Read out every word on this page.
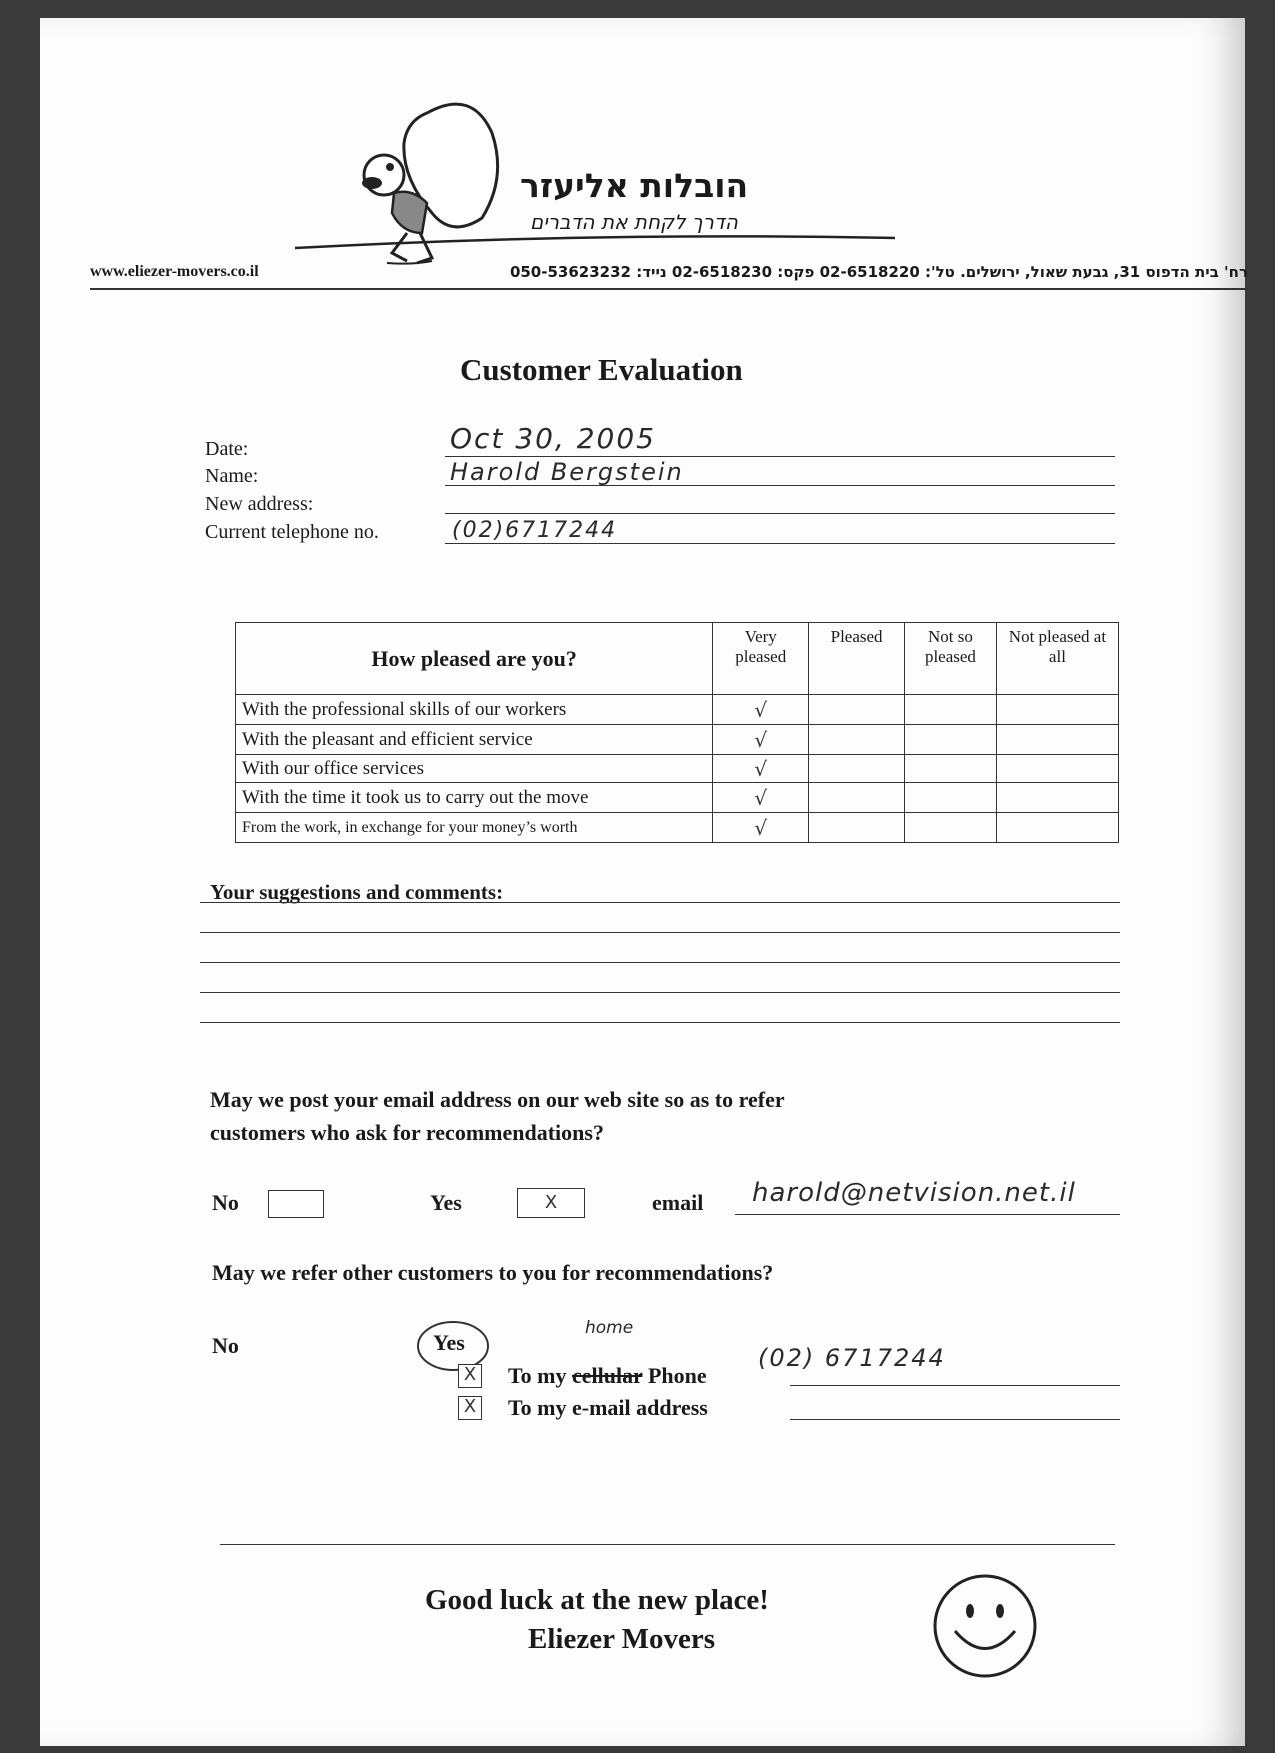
הובלות אליעזר
הדרך לקחת את הדברים
www.eliezer-movers.co.il	רח' בית הדפוס 31, גבעת שאול, ירושלים. טל': 02-6518220 פקס: 02-6518230 נייד: 050-53623232
Customer Evaluation
Date:	Oct 30, 2005
Name:	Harold Bergstein
New address:
Current telephone no.	(02)6717244
How pleased are you?	Very pleased	Pleased	Not so pleased	Not pleased at all
With the professional skills of our workers	√			
With the pleasant and efficient service	√			
With our office services	√			
With the time it took us to carry out the move	√			
From the work, in exchange for your money’s worth	√			
Your suggestions and comments:
May we post your email address on our web site so as to refer
customers who ask for recommendations?
No	Yes	X	email harold@netvision.net.il
May we refer other customers to you for recommendations?
No	Yes
home
X To my cellular Phone
(02) 6717244
X To my e-mail address
Good luck at the new place!
Eliezer Movers
